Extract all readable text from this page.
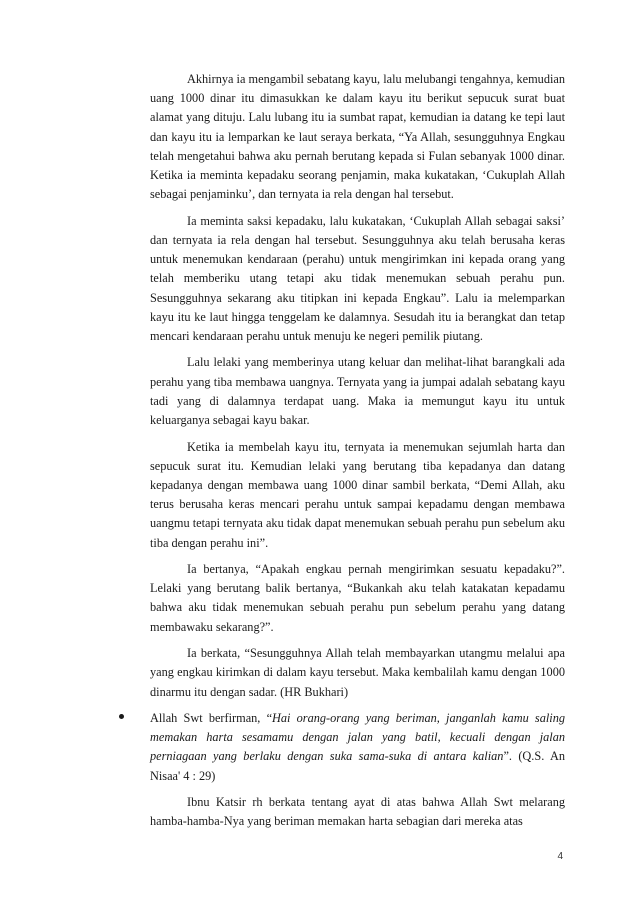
Akhirnya ia mengambil sebatang kayu, lalu melubangi tengahnya, kemudian uang 1000 dinar itu dimasukkan ke dalam kayu itu berikut sepucuk surat buat alamat yang dituju. Lalu lubang itu ia sumbat rapat, kemudian ia datang ke tepi laut dan kayu itu ia lemparkan ke laut seraya berkata, “Ya Allah, sesungguhnya Engkau telah mengetahui bahwa aku pernah berutang kepada si Fulan sebanyak 1000 dinar. Ketika ia meminta kepadaku seorang penjamin, maka kukatakan, ‘Cukuplah Allah sebagai penjaminku’, dan ternyata ia rela dengan hal tersebut.

Ia meminta saksi kepadaku, lalu kukatakan, ‘Cukuplah Allah sebagai saksi’ dan ternyata ia rela dengan hal tersebut. Sesungguhnya aku telah berusaha keras untuk menemukan kendaraan (perahu) untuk mengirimkan ini kepada orang yang telah memberiku utang tetapi aku tidak menemukan sebuah perahu pun. Sesungguhnya sekarang aku titipkan ini kepada Engkau”. Lalu ia melemparkan kayu itu ke laut hingga tenggelam ke dalamnya. Sesudah itu ia berangkat dan tetap mencari kendaraan perahu untuk menuju ke negeri pemilik piutang.

Lalu lelaki yang memberinya utang keluar dan melihat-lihat barangkali ada perahu yang tiba membawa uangnya. Ternyata yang ia jumpai adalah sebatang kayu tadi yang di dalamnya terdapat uang. Maka ia memungut kayu itu untuk keluarganya sebagai kayu bakar.

Ketika ia membelah kayu itu, ternyata ia menemukan sejumlah harta dan sepucuk surat itu. Kemudian lelaki yang berutang tiba kepadanya dan datang kepadanya dengan membawa uang 1000 dinar sambil berkata, “Demi Allah, aku terus berusaha keras mencari perahu untuk sampai kepadamu dengan membawa uangmu tetapi ternyata aku tidak dapat menemukan sebuah perahu pun sebelum aku tiba dengan perahu ini”.

Ia bertanya, “Apakah engkau pernah mengirimkan sesuatu kepadaku?”. Lelaki yang berutang balik bertanya, “Bukankah aku telah katakatan kepadamu bahwa aku tidak menemukan sebuah perahu pun sebelum perahu yang datang membawaku sekarang?”.

Ia berkata, “Sesungguhnya Allah telah membayarkan utangmu melalui apa yang engkau kirimkan di dalam kayu tersebut. Maka kembalilah kamu dengan 1000 dinarmu itu dengan sadar. (HR Bukhari)

Allah Swt berfirman, “Hai orang-orang yang beriman, janganlah kamu saling memakan harta sesamamu dengan jalan yang batil, kecuali dengan jalan perniagaan yang berlaku dengan suka sama-suka di antara kalian”. (Q.S. An Nisaa' 4 : 29)

Ibnu Katsir rh berkata tentang ayat di atas bahwa Allah Swt melarang hamba-hamba-Nya yang beriman memakan harta sebagian dari mereka atas

4
